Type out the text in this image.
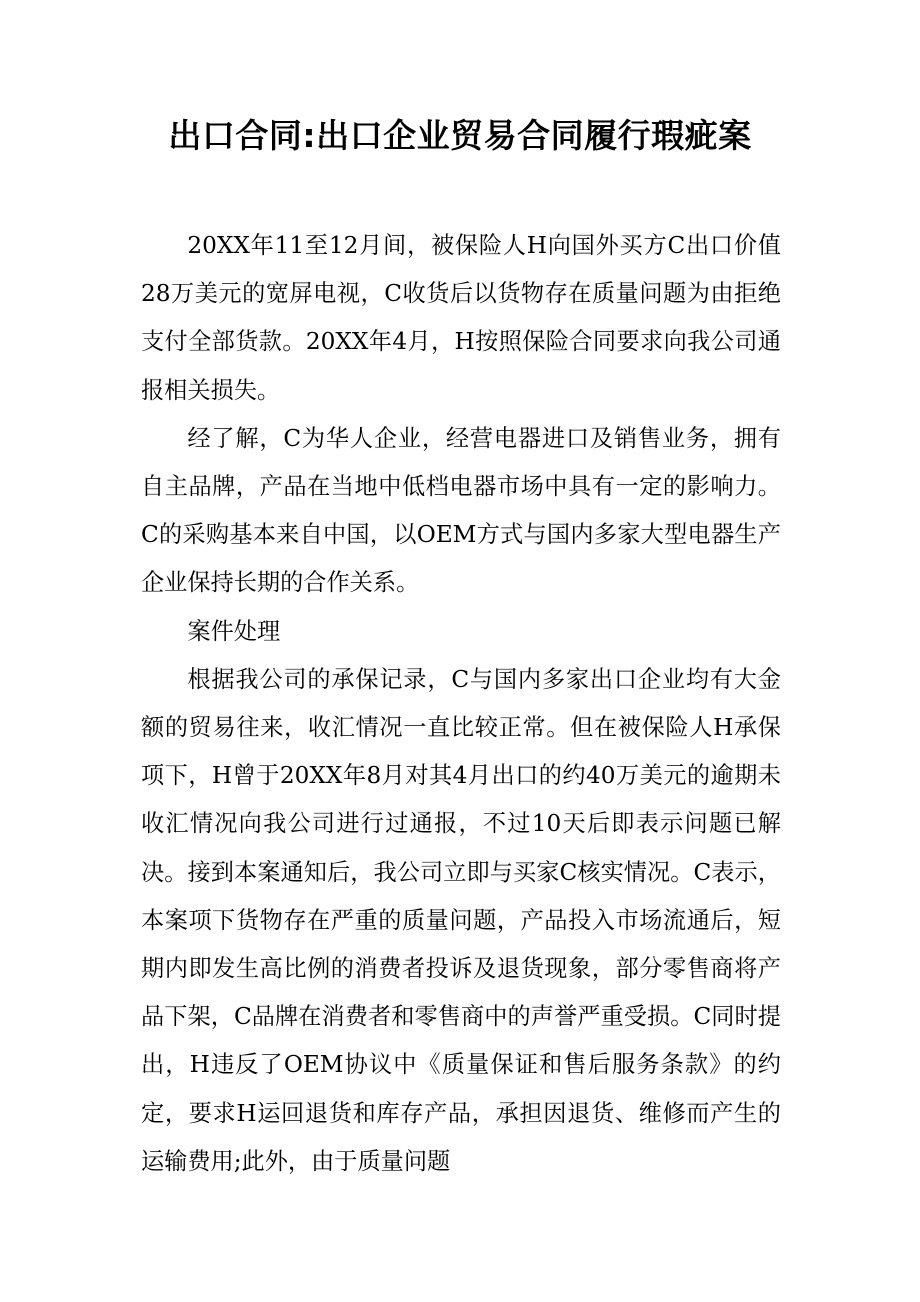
出口合同:出口企业贸易合同履行瑕疵案

20XX年11至12月间，被保险人H向国外买方C出口价值28万美元的宽屏电视，C收货后以货物存在质量问题为由拒绝支付全部货款。20XX年4月，H按照保险合同要求向我公司通报相关损失。

经了解，C为华人企业，经营电器进口及销售业务，拥有自主品牌，产品在当地中低档电器市场中具有一定的影响力。C的采购基本来自中国，以OEM方式与国内多家大型电器生产企业保持长期的合作关系。

案件处理

根据我公司的承保记录，C与国内多家出口企业均有大金额的贸易往来，收汇情况一直比较正常。但在被保险人H承保项下，H曾于20XX年8月对其4月出口的约40万美元的逾期未收汇情况向我公司进行过通报，不过10天后即表示问题已解决。接到本案通知后，我公司立即与买家C核实情况。C表示，本案项下货物存在严重的质量问题，产品投入市场流通后，短期内即发生高比例的消费者投诉及退货现象，部分零售商将产品下架，C品牌在消费者和零售商中的声誉严重受损。C同时提出，H违反了OEM协议中《质量保证和售后服务条款》的约定，要求H运回退货和库存产品，承担因退货、维修而产生的运输费用;此外，由于质量问题
